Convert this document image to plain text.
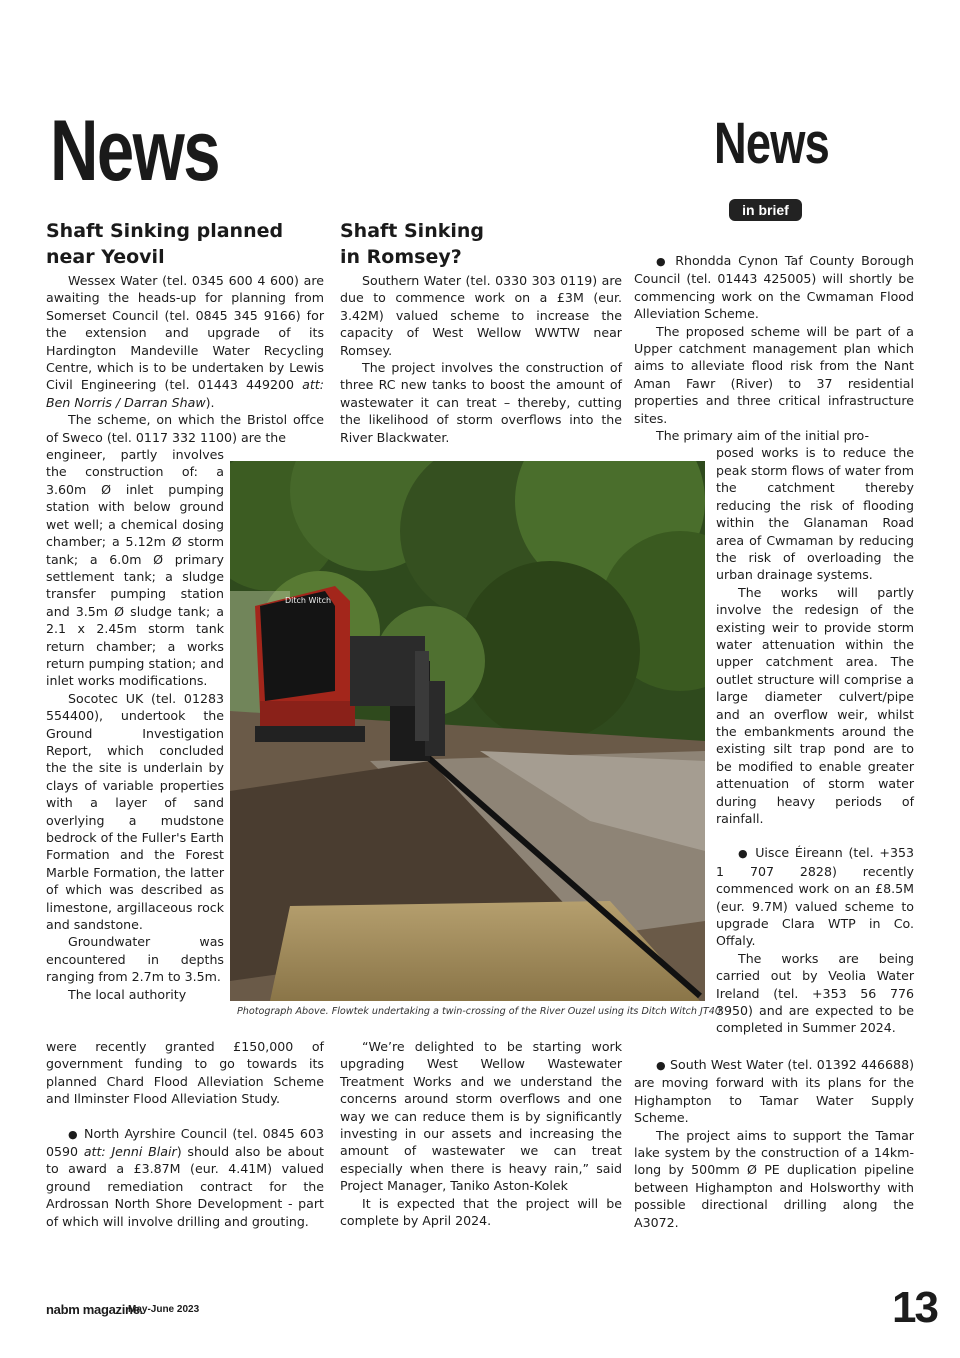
News	News
in brief
Shaft Sinking planned
near Yeovil

Wessex Water (tel. 0345 600 4 600) are awaiting the heads-up for planning from Somerset Council (tel. 0845 345 9166) for the extension and upgrade of its Hardington Mandeville Water Recycling Centre, which is to be undertaken by Lewis Civil Engineering (tel. 01443 449200 att: Ben Norris / Darran Shaw).

The scheme, on which the Bristol offce of Sweco (tel. 0117 332 1100) are the

engineer, partly involves the construction of: a 3.60m Ø inlet pumping station with below ground wet well; a chemical dosing chamber; a 5.12m Ø storm tank; a 6.0m Ø primary settlement tank; a sludge transfer pumping station and 3.5m Ø sludge tank; a 2.1 x 2.45m storm tank return chamber; a works return pumping station; and inlet works modifications.

Socotec UK (tel. 01283 554400), undertook the Ground Investigation Report, which concluded the the site is underlain by clays of variable properties with a layer of sand overlying a mudstone bedrock of the Fuller's Earth Formation and the Forest Marble Formation, the latter of which was described as limestone, argillaceous rock and sandstone.

Groundwater was encountered in depths ranging from 2.7m to 3.5m.

The local authority

were recently granted £150,000 of government funding to go towards its planned Chard Flood Alleviation Scheme and Ilminster Flood Alleviation Study.

● North Ayrshire Council (tel. 0845 603 0590 att: Jenni Blair) should also be about to award a £3.87M (eur. 4.41M) valued ground remediation contract for the Ardrossan North Shore Development - part of which will involve drilling and grouting.

Shaft Sinking
in Romsey?

Southern Water (tel. 0330 303 0119) are due to commence work on a £3M (eur. 3.42M) valued scheme to increase the capacity of West Wellow WWTW near Romsey.

The project involves the construction of three RC new tanks to boost the amount of wastewater it can treat – thereby, cutting the likelihood of storm overflows into the River Blackwater.

“We’re delighted to be starting work upgrading West Wellow Wastewater Treatment Works and we understand the concerns around storm overflows and one way we can reduce them is by significantly investing in our assets and increasing the amount of wastewater we can treat especially when there is heavy rain,” said Project Manager, Taniko Aston-Kolek

It is expected that the project will be complete by April 2024.

● Rhondda Cynon Taf County Borough Council (tel. 01443 425005) will shortly be commencing work on the Cwmaman Flood Alleviation Scheme.

The proposed scheme will be part of a Upper catchment management plan which aims to alleviate flood risk from the Nant Aman Fawr (River) to 37 residential properties and three critical infrastructure sites.

The primary aim of the initial pro-

posed works is to reduce the peak storm flows of water from the catchment thereby reducing the risk of flooding within the Glanaman Road area of Cwmaman by reducing the risk of overloading the urban drainage systems.

The works will partly involve the redesign of the existing weir to provide storm water attenuation within the upper catchment area. The outlet structure will comprise a large diameter culvert/pipe and an overflow weir, whilst the embankments around the existing silt trap pond are to be modified to enable greater attenuation of storm water during heavy periods of rainfall.

● Uisce Éireann (tel. +353 1 707 2828) recently commenced work on an £8.5M (eur. 9.7M) valued scheme to upgrade Clara WTP in Co. Offaly.

The works are being carried out by Veolia Water Ireland (tel. +353 56 776 3950) and are expected to be completed in Summer 2024.

● South West Water (tel. 01392 446688) are moving forward with its plans for the Highampton to Tamar Water Supply Scheme.

The project aims to support the Tamar lake system by the construction of a 14km-long by 500mm Ø PE duplication pipeline between Highampton and Holsworthy with possible directional drilling along the A3072.

Ditch Witch
Photograph Above. Flowtek undertaking a twin-crossing of the River Ouzel using its Ditch Witch JT40
nabm magazine.
May-June 2023	13
